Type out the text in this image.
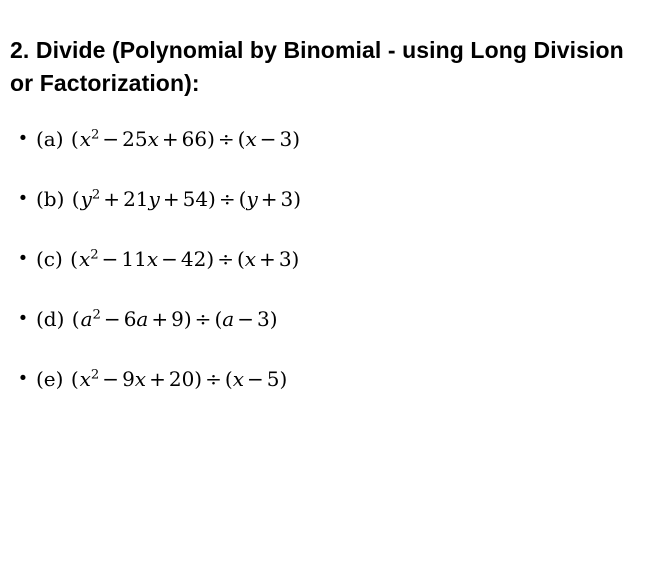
2. Divide (Polynomial by Binomial - using Long Division or Factorization):
• (a) $(x^2 - 25x + 66) \div (x - 3)$
• (b) $(y^2 + 21y + 54) \div (y + 3)$
• (c) $(x^2 - 11x - 42) \div (x + 3)$
• (d) $(a^2 - 6a + 9) \div (a - 3)$
• (e) $(x^2 - 9x + 20) \div (x - 5)$
